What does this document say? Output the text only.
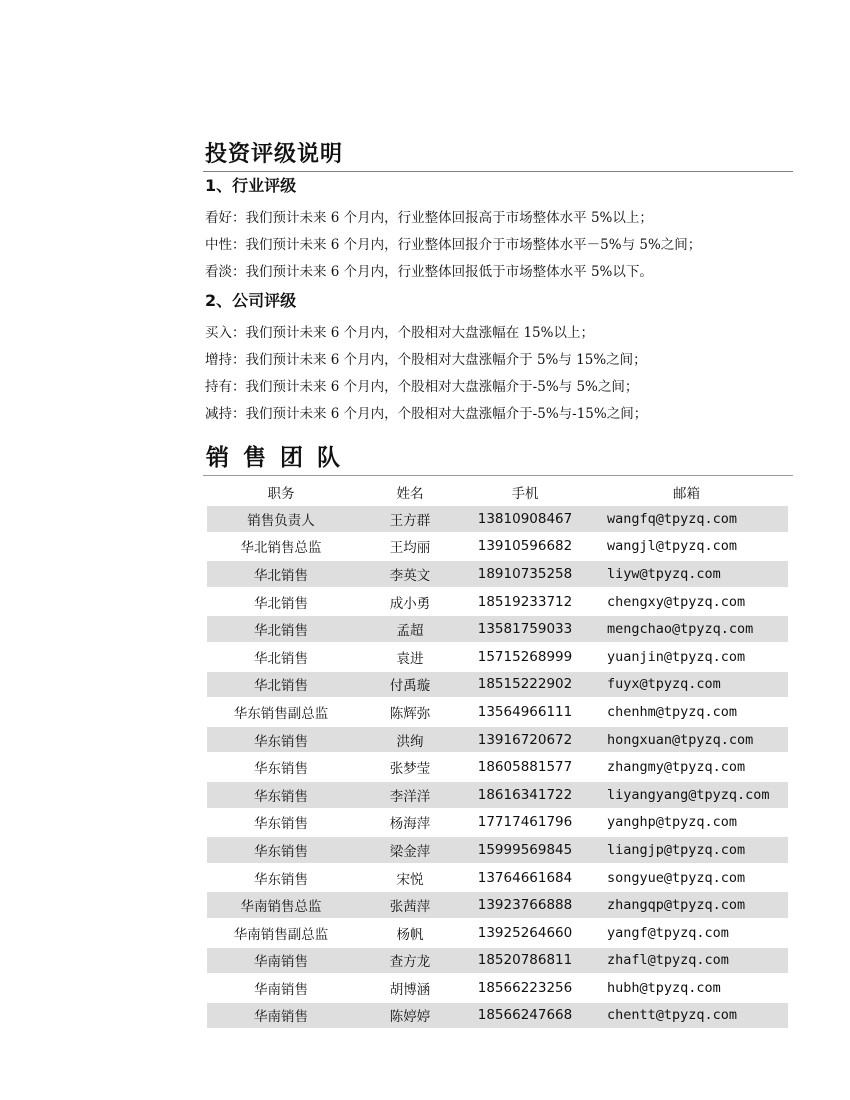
投资评级说明
1、行业评级

看好：我们预计未来 6 个月内，行业整体回报高于市场整体水平 5%以上；

中性：我们预计未来 6 个月内，行业整体回报介于市场整体水平－5%与 5%之间；

看淡：我们预计未来 6 个月内，行业整体回报低于市场整体水平 5%以下。

2、公司评级

买入：我们预计未来 6 个月内，个股相对大盘涨幅在 15%以上；

增持：我们预计未来 6 个月内，个股相对大盘涨幅介于 5%与 15%之间；

持有：我们预计未来 6 个月内，个股相对大盘涨幅介于-5%与 5%之间；

减持：我们预计未来 6 个月内，个股相对大盘涨幅介于-5%与-15%之间；

销售团队
职务	姓名	手机	邮箱
销售负责人	王方群	13810908467	wangfq@tpyzq.com
华北销售总监	王均丽	13910596682	wangjl@tpyzq.com
华北销售	李英文	18910735258	liyw@tpyzq.com
华北销售	成小勇	18519233712	chengxy@tpyzq.com
华北销售	孟超	13581759033	mengchao@tpyzq.com
华北销售	袁进	15715268999	yuanjin@tpyzq.com
华北销售	付禹璇	18515222902	fuyx@tpyzq.com
华东销售副总监	陈辉弥	13564966111	chenhm@tpyzq.com
华东销售	洪绚	13916720672	hongxuan@tpyzq.com
华东销售	张梦莹	18605881577	zhangmy@tpyzq.com
华东销售	李洋洋	18616341722	liyangyang@tpyzq.com
华东销售	杨海萍	17717461796	yanghp@tpyzq.com
华东销售	梁金萍	15999569845	liangjp@tpyzq.com
华东销售	宋悦	13764661684	songyue@tpyzq.com
华南销售总监	张茜萍	13923766888	zhangqp@tpyzq.com
华南销售副总监	杨帆	13925264660	yangf@tpyzq.com
华南销售	查方龙	18520786811	zhafl@tpyzq.com
华南销售	胡博涵	18566223256	hubh@tpyzq.com
华南销售	陈婷婷	18566247668	chentt@tpyzq.com
